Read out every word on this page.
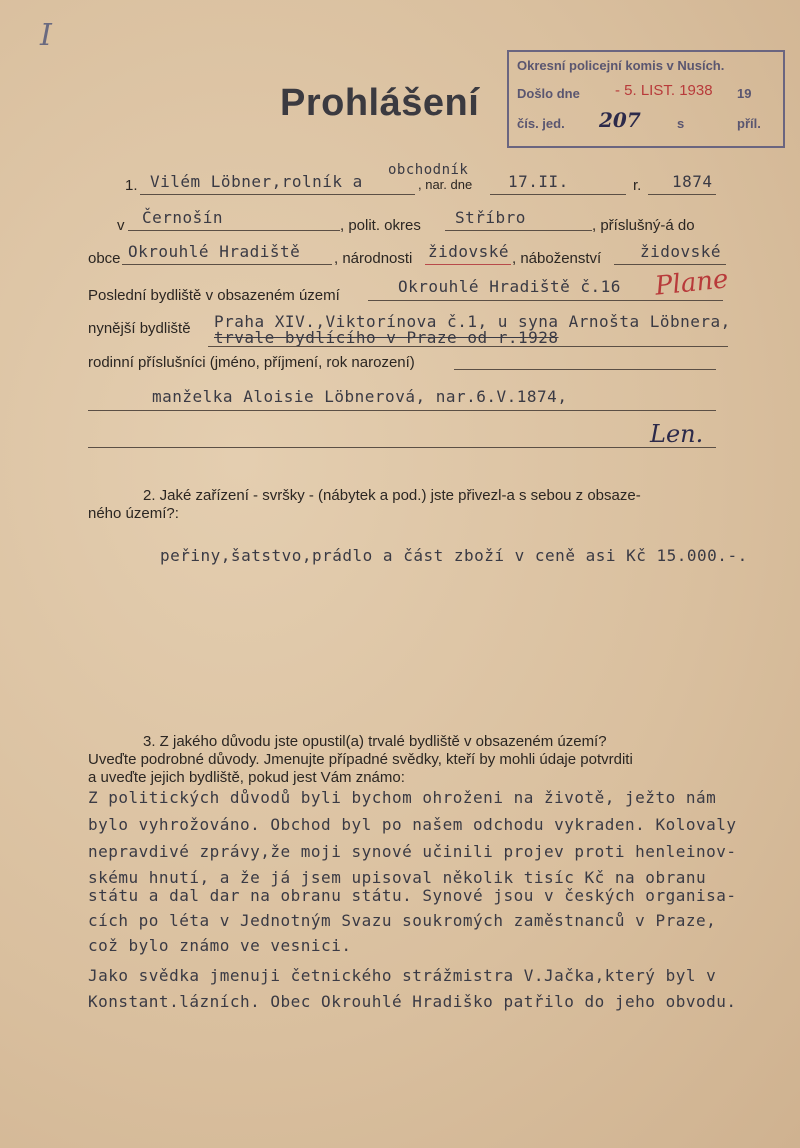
I
Prohlášení
Okresní policejní komis v Nusích.
Došlo dne - 5. LIST. 1938 19
čís. jed. 207	s	příl.
1. Vilém Löbner,rolník a
obchodník
, nar. dne 17.II.	r. 1874
v Černošín	, polit. okres Stříbro	, příslušný-á do
obce Okrouhlé Hradiště , národnosti židovské , náboženství židovské
Poslední bydliště v obsazeném území	Okrouhlé Hradiště č.16 Plane
nynější bydliště Praha XIV.,Viktorínova č.1, u syna Arnošta Löbnera,
trvale bydlícího v Praze od r.1928
rodinní příslušníci (jméno, příjmení, rok narození)
manželka Aloisie Löbnerová, nar.6.V.1874,
Len.
2. Jaké zařízení - svršky - (nábytek a pod.) jste přivezl-a s sebou z obsaze-
ného území?:
peřiny,šatstvo,prádlo a část zboží v ceně asi Kč 15.000.-.
3. Z jakého důvodu jste opustil(a) trvalé bydliště v obsazeném území?
Uveďte podrobné důvody. Jmenujte případné svědky, kteří by mohli údaje potvrditi
a uveďte jejich bydliště, pokud jest Vám známo:
Z politických důvodů byli bychom ohroženi na životě, ježto nám
bylo vyhrožováno. Obchod byl po našem odchodu vykraden. Kolovaly
nepravdivé zprávy,že moji synové učinili projev proti henleinov-
skému hnutí, a že já jsem upisoval několik tisíc Kč na obranu
státu a dal dar na obranu státu. Synové jsou v českých organisa-
cích po léta v Jednotným Svazu soukromých zaměstnanců v Praze,
což bylo známo ve vesnici.
Jako svědka jmenuji četnického strážmistra V.Jačka,který byl v
Konstant.lázních. Obec Okrouhlé Hradiško patřilo do jeho obvodu.
